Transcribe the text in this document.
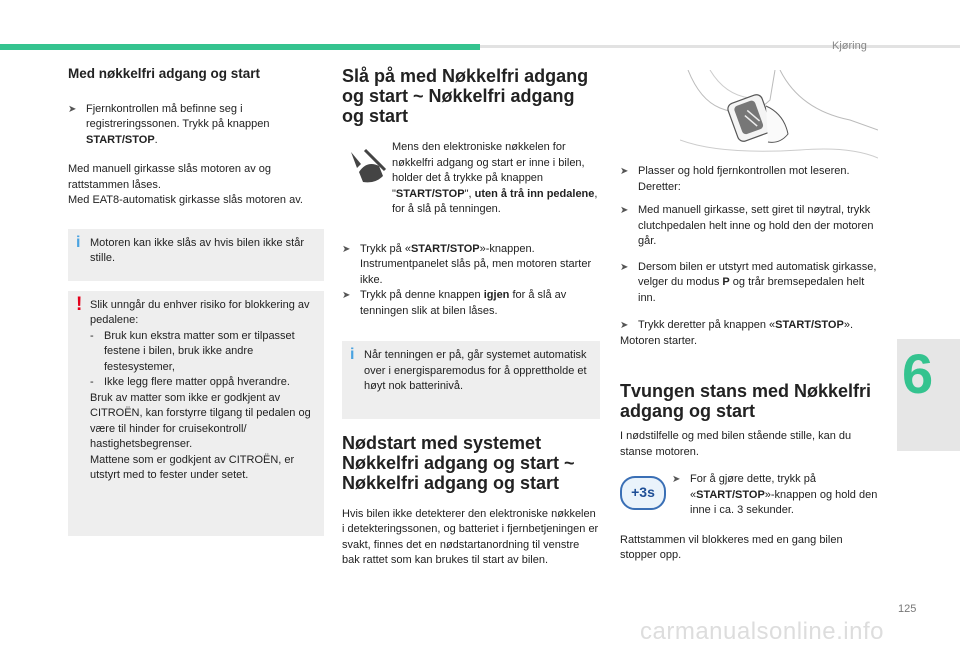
Kjøring
6
125
carmanualsonline.info
Med nøkkelfri adgang og start
➤ Fjernkontrollen må befinne seg i registreringssonen. Trykk på knappen START/STOP.

Med manuell girkasse slås motoren av og rattstammen låses.

Med EAT8-automatisk girkasse slås motoren av.

i Motoren kan ikke slås av hvis bilen ikke står stille.
! Slik unngår du enhver risiko for blokkering av pedalene:

- Bruk kun ekstra matter som er tilpasset festene i bilen, bruk ikke andre festesystemer,
- Ikke legg flere matter oppå hverandre.

Bruk av matter som ikke er godkjent av CITROËN, kan forstyrre tilgang til pedalen og være til hinder for cruisekontroll/ hastighetsbegrenser.

Mattene som er godkjent av CITROËN, er utstyrt med to fester under setet.

Slå på med Nøkkelfri adgang og start ~ Nøkkelfri adgang og start

Mens den elektroniske nøkkelen for nøkkelfri adgang og start er inne i bilen, holder det å trykke på knappen "START/STOP", uten å trå inn pedalene, for å slå på tenningen.

➤ Trykk på «START/STOP»-knappen. Instrumentpanelet slås på, men motoren starter ikke.
➤ Trykk på denne knappen igjen for å slå av tenningen slik at bilen låses.
i Når tenningen er på, går systemet automatisk over i energisparemodus for å opprettholde et høyt nok batterinivå.
Nødstart med systemet Nøkkelfri adgang og start ~ Nøkkelfri adgang og start

Hvis bilen ikke detekterer den elektroniske nøkkelen i detekteringssonen, og batteriet i fjernbetjeningen er svakt, finnes det en nødstartanordning til venstre bak rattet som kan brukes til start av bilen.

➤ Plasser og hold fjernkontrollen mot leseren. Deretter:
➤ Med manuell girkasse, sett giret til nøytral, trykk clutchpedalen helt inne og hold den der motoren går.
➤ Dersom bilen er utstyrt med automatisk girkasse, velger du modus P og trår bremsepedalen helt inn.
➤ Trykk deretter på knappen «START/STOP».

Motoren starter.

Tvungen stans med Nøkkelfri adgang og start

I nødstilfelle og med bilen stående stille, kan du stanse motoren.

+3s
➤ For å gjøre dette, trykk på «START/STOP»-knappen og hold den inne i ca. 3 sekunder.

Rattstammen vil blokkeres med en gang bilen stopper opp.
